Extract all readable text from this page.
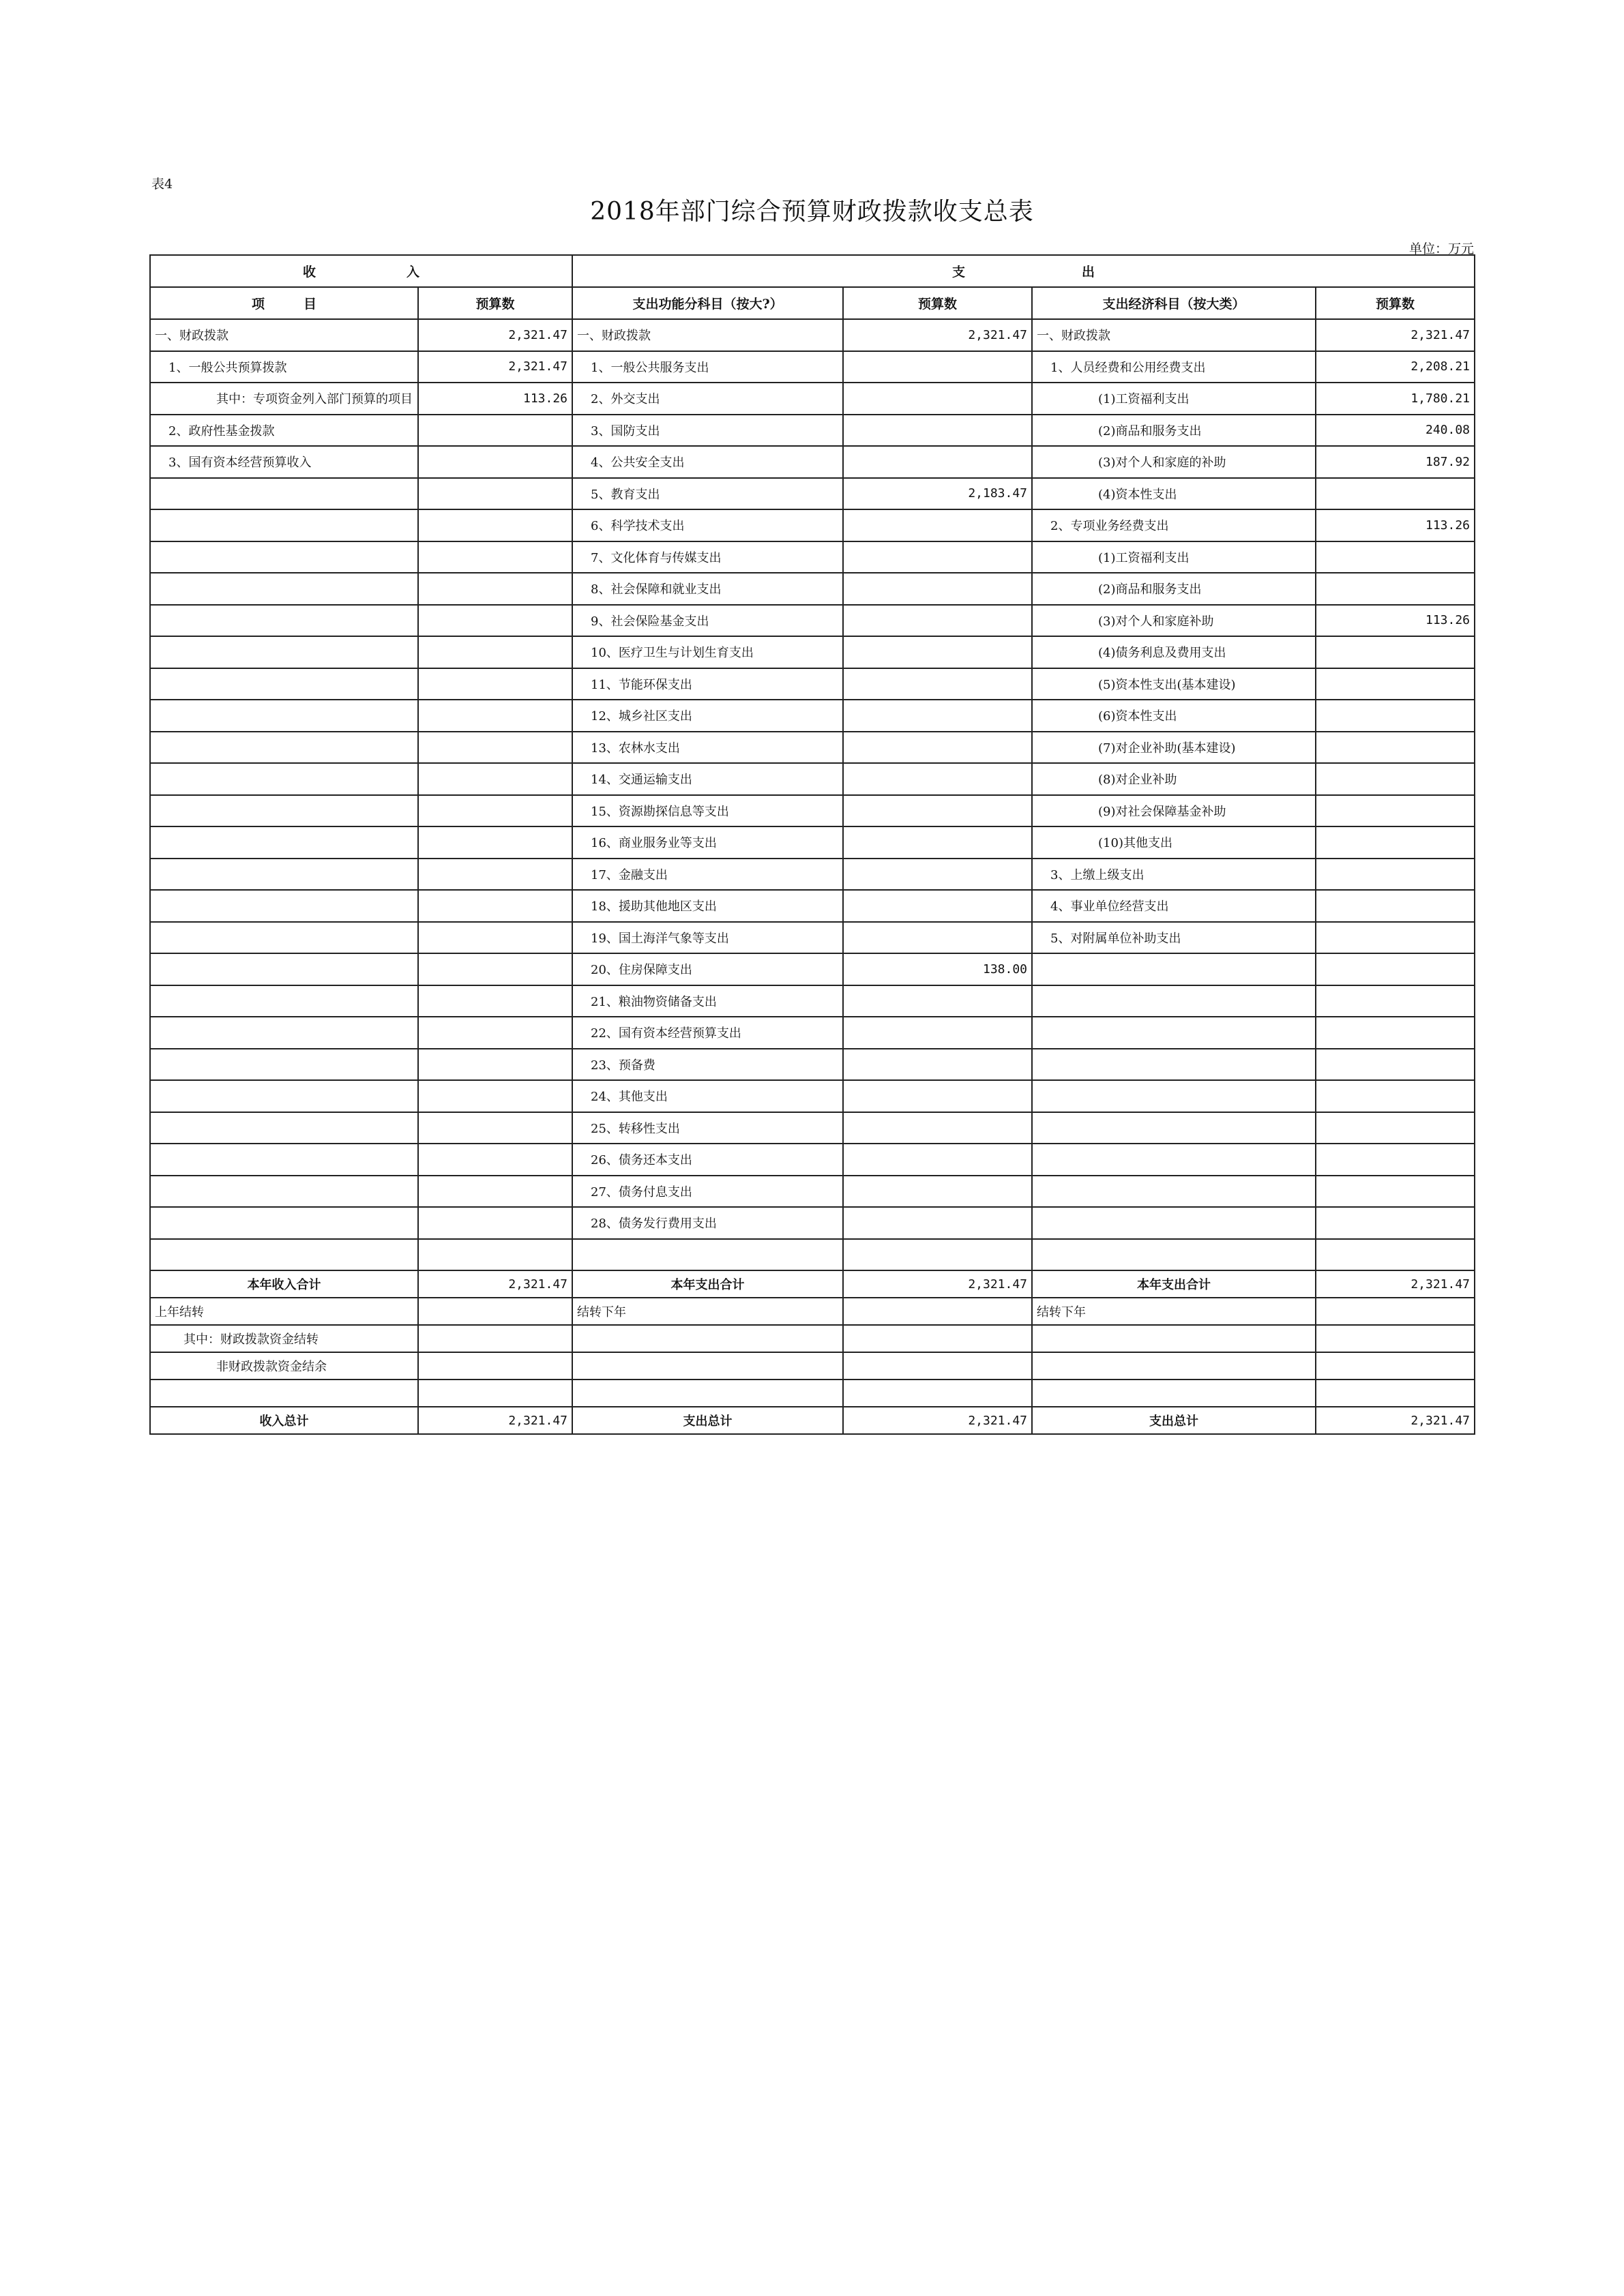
表4
2018年部门综合预算财政拨款收支总表
单位：万元
收　　　　　　　入		支　　　　　　　　　出			
项　　　目	预算数	支出功能分科目（按大?）	预算数	支出经济科目（按大类）	预算数
一、财政拨款	2,321.47	一、财政拨款	2,321.47	一、财政拨款	2,321.47
1、一般公共预算拨款	2,321.47	1、一般公共服务支出		1、人员经费和公用经费支出	2,208.21
其中：专项资金列入部门预算的项目	113.26	2、外交支出		(1)工资福利支出	1,780.21
2、政府性基金拨款		3、国防支出		(2)商品和服务支出	240.08
3、国有资本经营预算收入		4、公共安全支出		(3)对个人和家庭的补助	187.92
		5、教育支出	2,183.47	(4)资本性支出	
		6、科学技术支出		2、专项业务经费支出	113.26
		7、文化体育与传媒支出		(1)工资福利支出	
		8、社会保障和就业支出		(2)商品和服务支出	
		9、社会保险基金支出		(3)对个人和家庭补助	113.26
		10、医疗卫生与计划生育支出		(4)债务利息及费用支出	
		11、节能环保支出		(5)资本性支出(基本建设)	
		12、城乡社区支出		(6)资本性支出	
		13、农林水支出		(7)对企业补助(基本建设)	
		14、交通运输支出		(8)对企业补助	
		15、资源勘探信息等支出		(9)对社会保障基金补助	
		16、商业服务业等支出		(10)其他支出	
		17、金融支出		3、上缴上级支出	
		18、援助其他地区支出		4、事业单位经营支出	
		19、国土海洋气象等支出		5、对附属单位补助支出	
		20、住房保障支出	138.00		
		21、粮油物资储备支出			
		22、国有资本经营预算支出			
		23、预备费			
		24、其他支出			
		25、转移性支出			
		26、债务还本支出			
		27、债务付息支出			
		28、债务发行费用支出			

本年收入合计	2,321.47	本年支出合计	2,321.47	本年支出合计	2,321.47
上年结转		结转下年		结转下年	
其中：财政拨款资金结转					
非财政拨款资金结余					

收入总计	2,321.47	支出总计	2,321.47	支出总计	2,321.47
